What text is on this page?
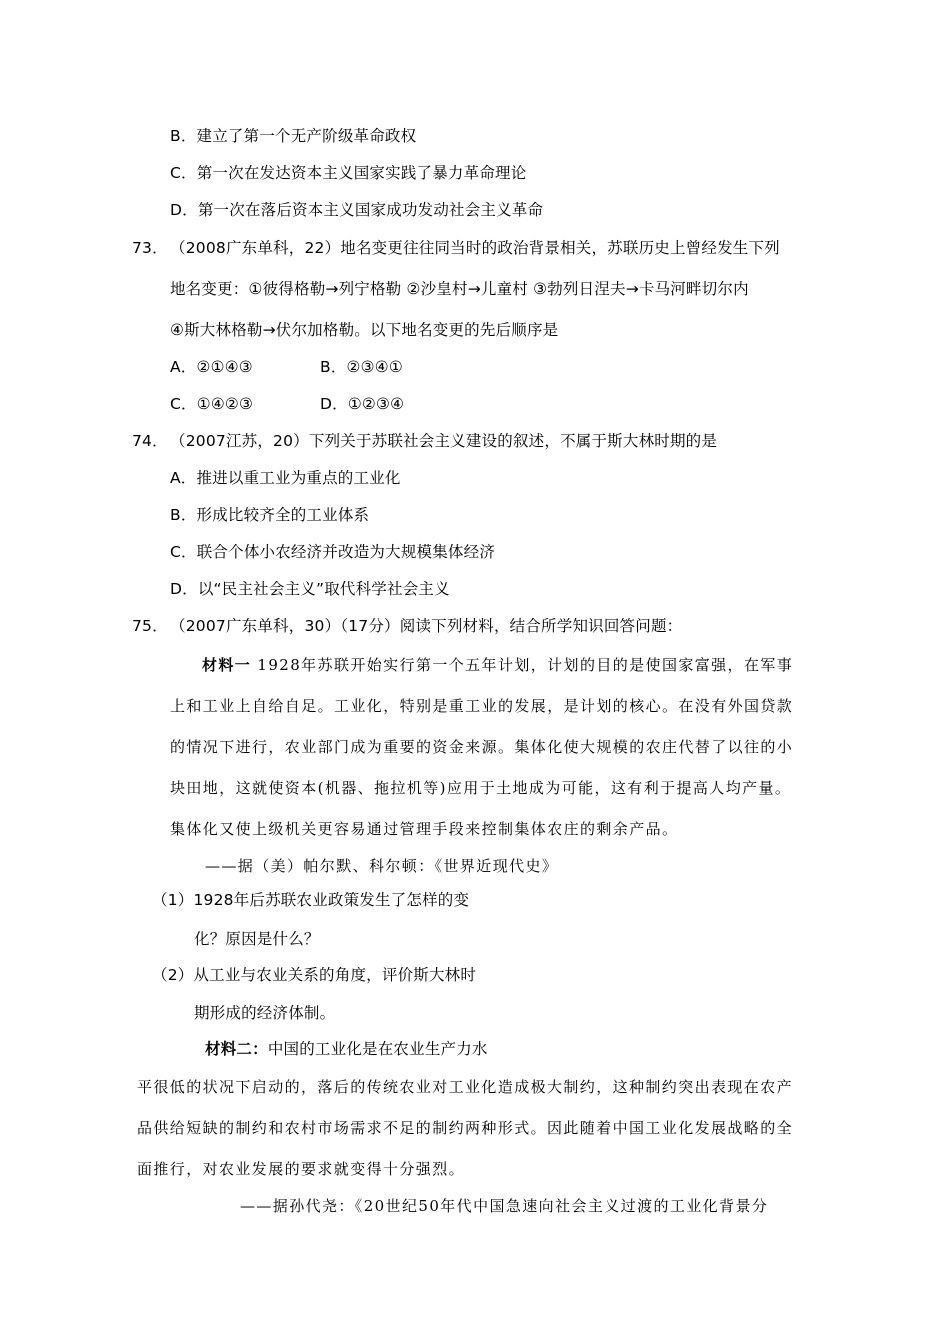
B．建立了第一个无产阶级革命政权
C．第一次在发达资本主义国家实践了暴力革命理论
D．第一次在落后资本主义国家成功发动社会主义革命
73． （2008广东单科，22）地名变更往往同当时的政治背景相关，苏联历史上曾经发生下列
地名变更：①彼得格勒→列宁格勒 ②沙皇村→儿童村 ③勃列日涅夫→卡马河畔切尔内
④斯大林格勒→伏尔加格勒。以下地名变更的先后顺序是
A．②①④③	B．②③④①
C．①④②③	D．①②③④
74． （2007江苏，20）下列关于苏联社会主义建设的叙述，不属于斯大林时期的是
A．推进以重工业为重点的工业化
B．形成比较齐全的工业体系
C．联合个体小农经济并改造为大规模集体经济
D．以“民主社会主义”取代科学社会主义
75． （2007广东单科，30）（17分）阅读下列材料，结合所学知识回答问题：
材料一 1928年苏联开始实行第一个五年计划，计划的目的是使国家富强，在军事
上和工业上自给自足。工业化，特别是重工业的发展，是计划的核心。在没有外国贷款
的情况下进行，农业部门成为重要的资金来源。集体化使大规模的农庄代替了以往的小
块田地，这就使资本(机器、拖拉机等)应用于土地成为可能，这有利于提高人均产量。
集体化又使上级机关更容易通过管理手段来控制集体农庄的剩余产品。
——据（美）帕尔默、科尔顿：《世界近现代史》
（1）1928年后苏联农业政策发生了怎样的变
化？原因是什么？
（2）从工业与农业关系的角度，评价斯大林时
期形成的经济体制。
材料二：中国的工业化是在农业生产力水
平很低的状况下启动的，落后的传统农业对工业化造成极大制约，这种制约突出表现在农产
品供给短缺的制约和农村市场需求不足的制约两种形式。因此随着中国工业化发展战略的全
面推行，对农业发展的要求就变得十分强烈。
——据孙代尧：《20世纪50年代中国急速向社会主义过渡的工业化背景分
